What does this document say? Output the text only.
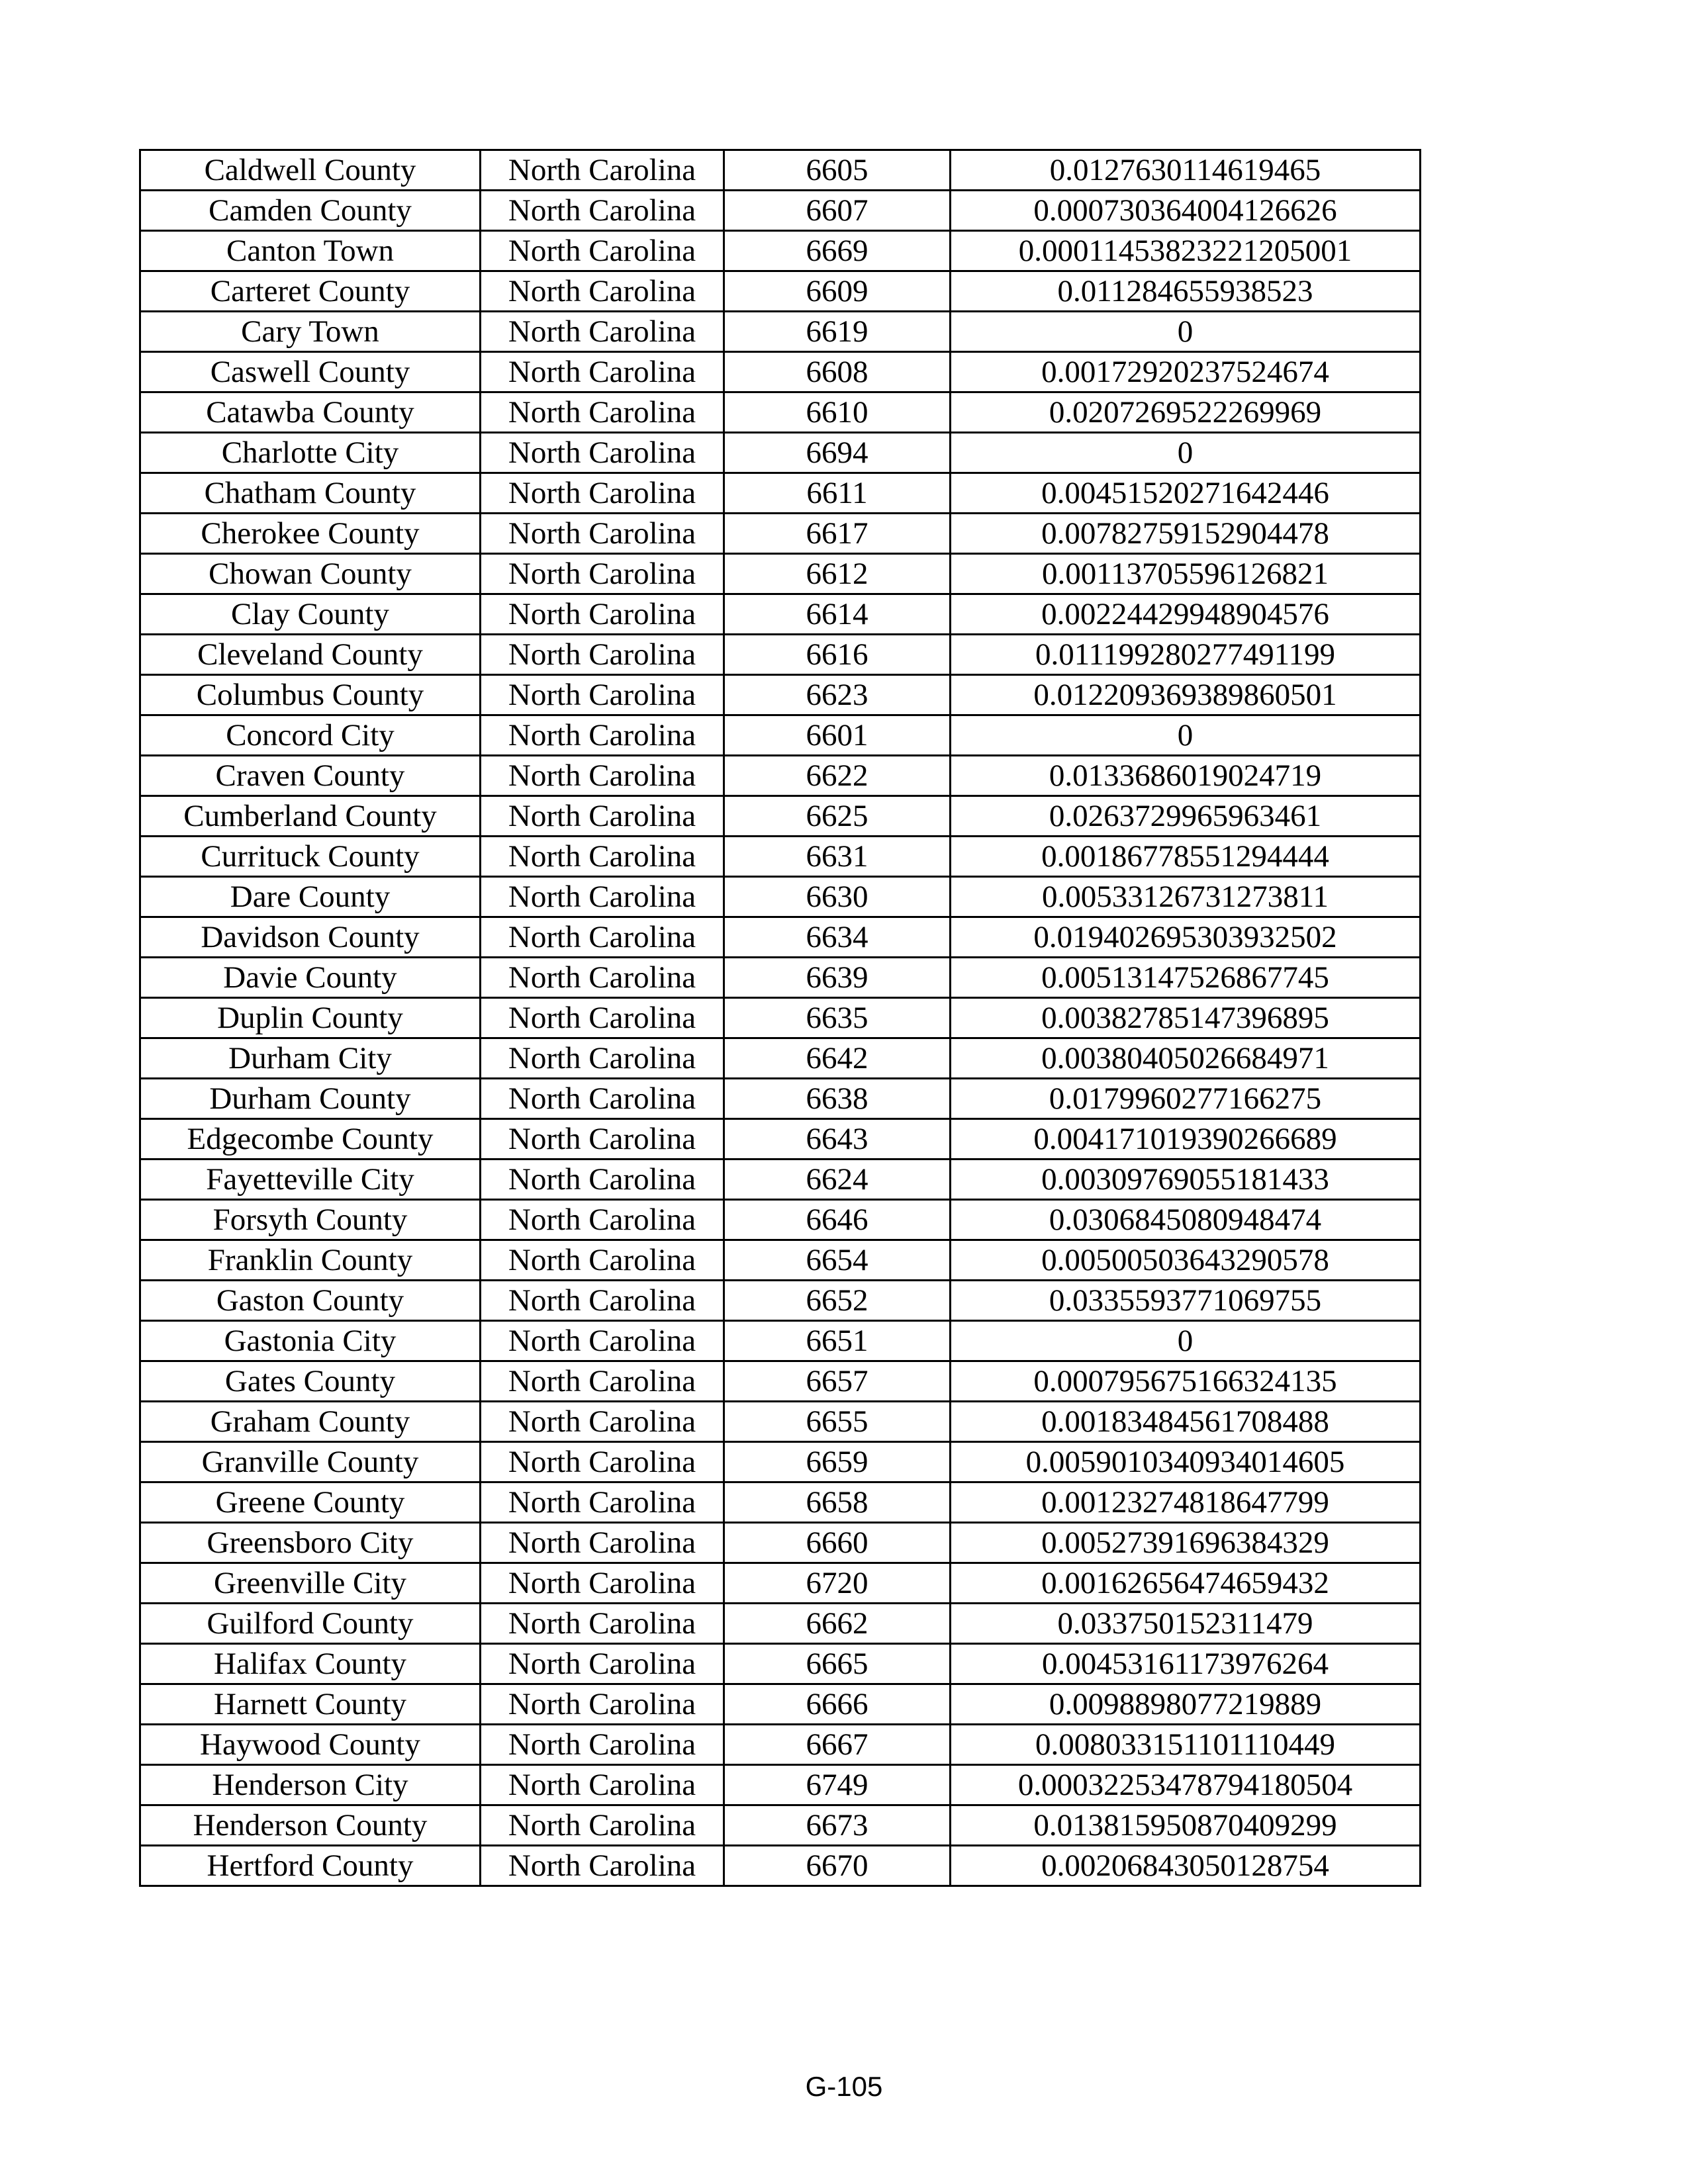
Caldwell County	North Carolina	6605	0.0127630114619465
Camden County	North Carolina	6607	0.000730364004126626
Canton Town	North Carolina	6669	0.00011453823221205001
Carteret County	North Carolina	6609	0.011284655938523
Cary Town	North Carolina	6619	0
Caswell County	North Carolina	6608	0.00172920237524674
Catawba County	North Carolina	6610	0.0207269522269969
Charlotte City	North Carolina	6694	0
Chatham County	North Carolina	6611	0.00451520271642446
Cherokee County	North Carolina	6617	0.00782759152904478
Chowan County	North Carolina	6612	0.00113705596126821
Clay County	North Carolina	6614	0.00224429948904576
Cleveland County	North Carolina	6616	0.011199280277491199
Columbus County	North Carolina	6623	0.012209369389860501
Concord City	North Carolina	6601	0
Craven County	North Carolina	6622	0.0133686019024719
Cumberland County	North Carolina	6625	0.0263729965963461
Currituck County	North Carolina	6631	0.00186778551294444
Dare County	North Carolina	6630	0.00533126731273811
Davidson County	North Carolina	6634	0.019402695303932502
Davie County	North Carolina	6639	0.00513147526867745
Duplin County	North Carolina	6635	0.00382785147396895
Durham City	North Carolina	6642	0.00380405026684971
Durham County	North Carolina	6638	0.0179960277166275
Edgecombe County	North Carolina	6643	0.004171019390266689
Fayetteville City	North Carolina	6624	0.00309769055181433
Forsyth County	North Carolina	6646	0.0306845080948474
Franklin County	North Carolina	6654	0.00500503643290578
Gaston County	North Carolina	6652	0.0335593771069755
Gastonia City	North Carolina	6651	0
Gates County	North Carolina	6657	0.000795675166324135
Graham County	North Carolina	6655	0.00183484561708488
Granville County	North Carolina	6659	0.0059010340934014605
Greene County	North Carolina	6658	0.00123274818647799
Greensboro City	North Carolina	6660	0.00527391696384329
Greenville City	North Carolina	6720	0.00162656474659432
Guilford County	North Carolina	6662	0.033750152311479
Halifax County	North Carolina	6665	0.00453161173976264
Harnett County	North Carolina	6666	0.0098898077219889
Haywood County	North Carolina	6667	0.008033151101110449
Henderson City	North Carolina	6749	0.00032253478794180504
Henderson County	North Carolina	6673	0.013815950870409299
Hertford County	North Carolina	6670	0.00206843050128754
G-105
